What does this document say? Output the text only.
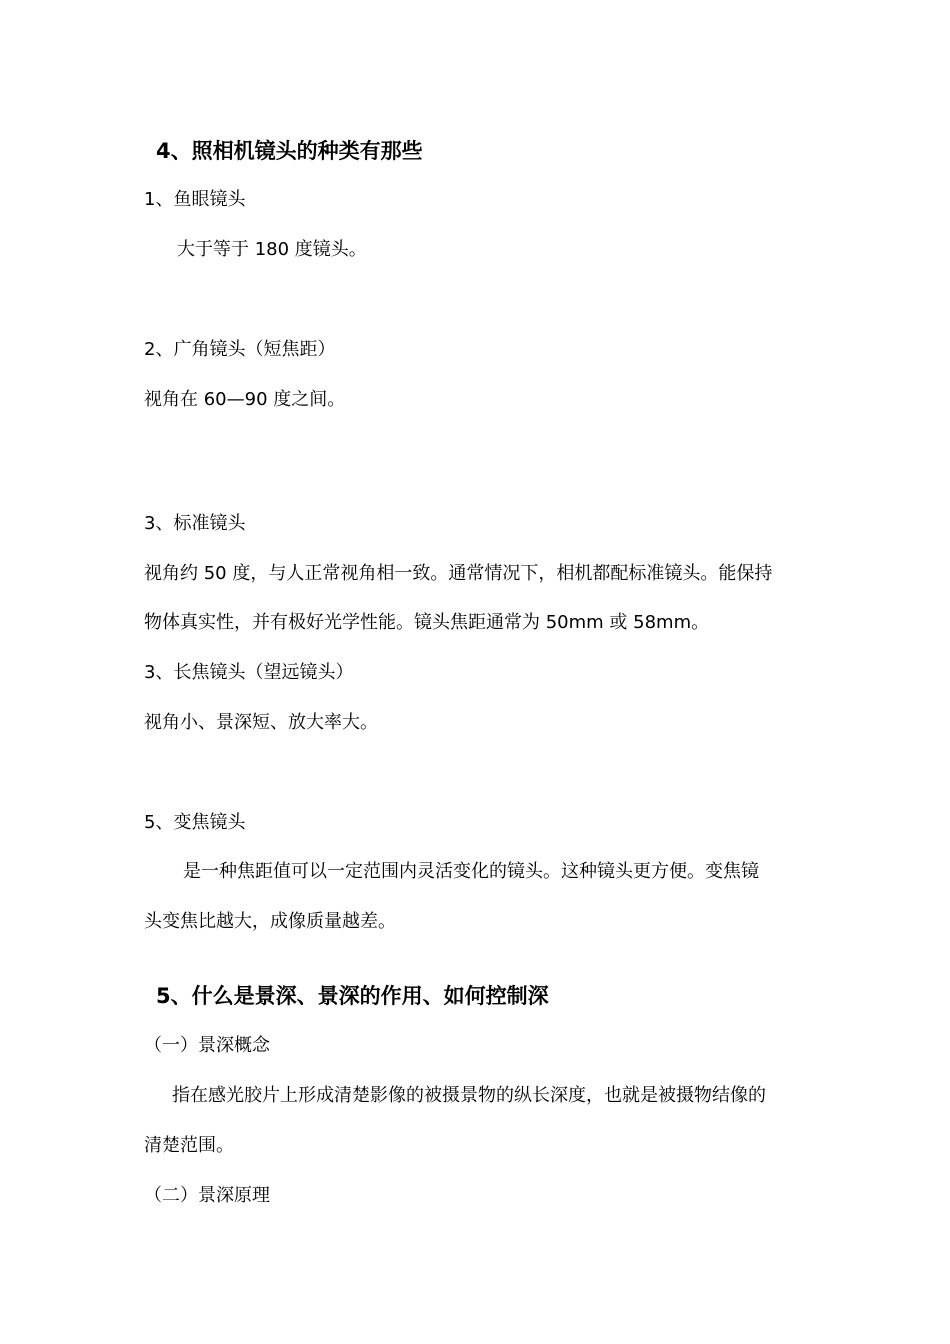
4、照相机镜头的种类有那些
1、鱼眼镜头
大于等于 180 度镜头。
2、广角镜头（短焦距）
视角在 60—90 度之间。
3、标准镜头
视角约 50 度，与人正常视角相一致。通常情况下，相机都配标准镜头。能保持
物体真实性，并有极好光学性能。镜头焦距通常为 50mm 或 58mm。
3、长焦镜头（望远镜头）
视角小、景深短、放大率大。
5、变焦镜头
是一种焦距值可以一定范围内灵活变化的镜头。这种镜头更方便。变焦镜
头变焦比越大，成像质量越差。
5、什么是景深、景深的作用、如何控制深
（一）景深概念
指在感光胶片上形成清楚影像的被摄景物的纵长深度，也就是被摄物结像的
清楚范围。
（二）景深原理
